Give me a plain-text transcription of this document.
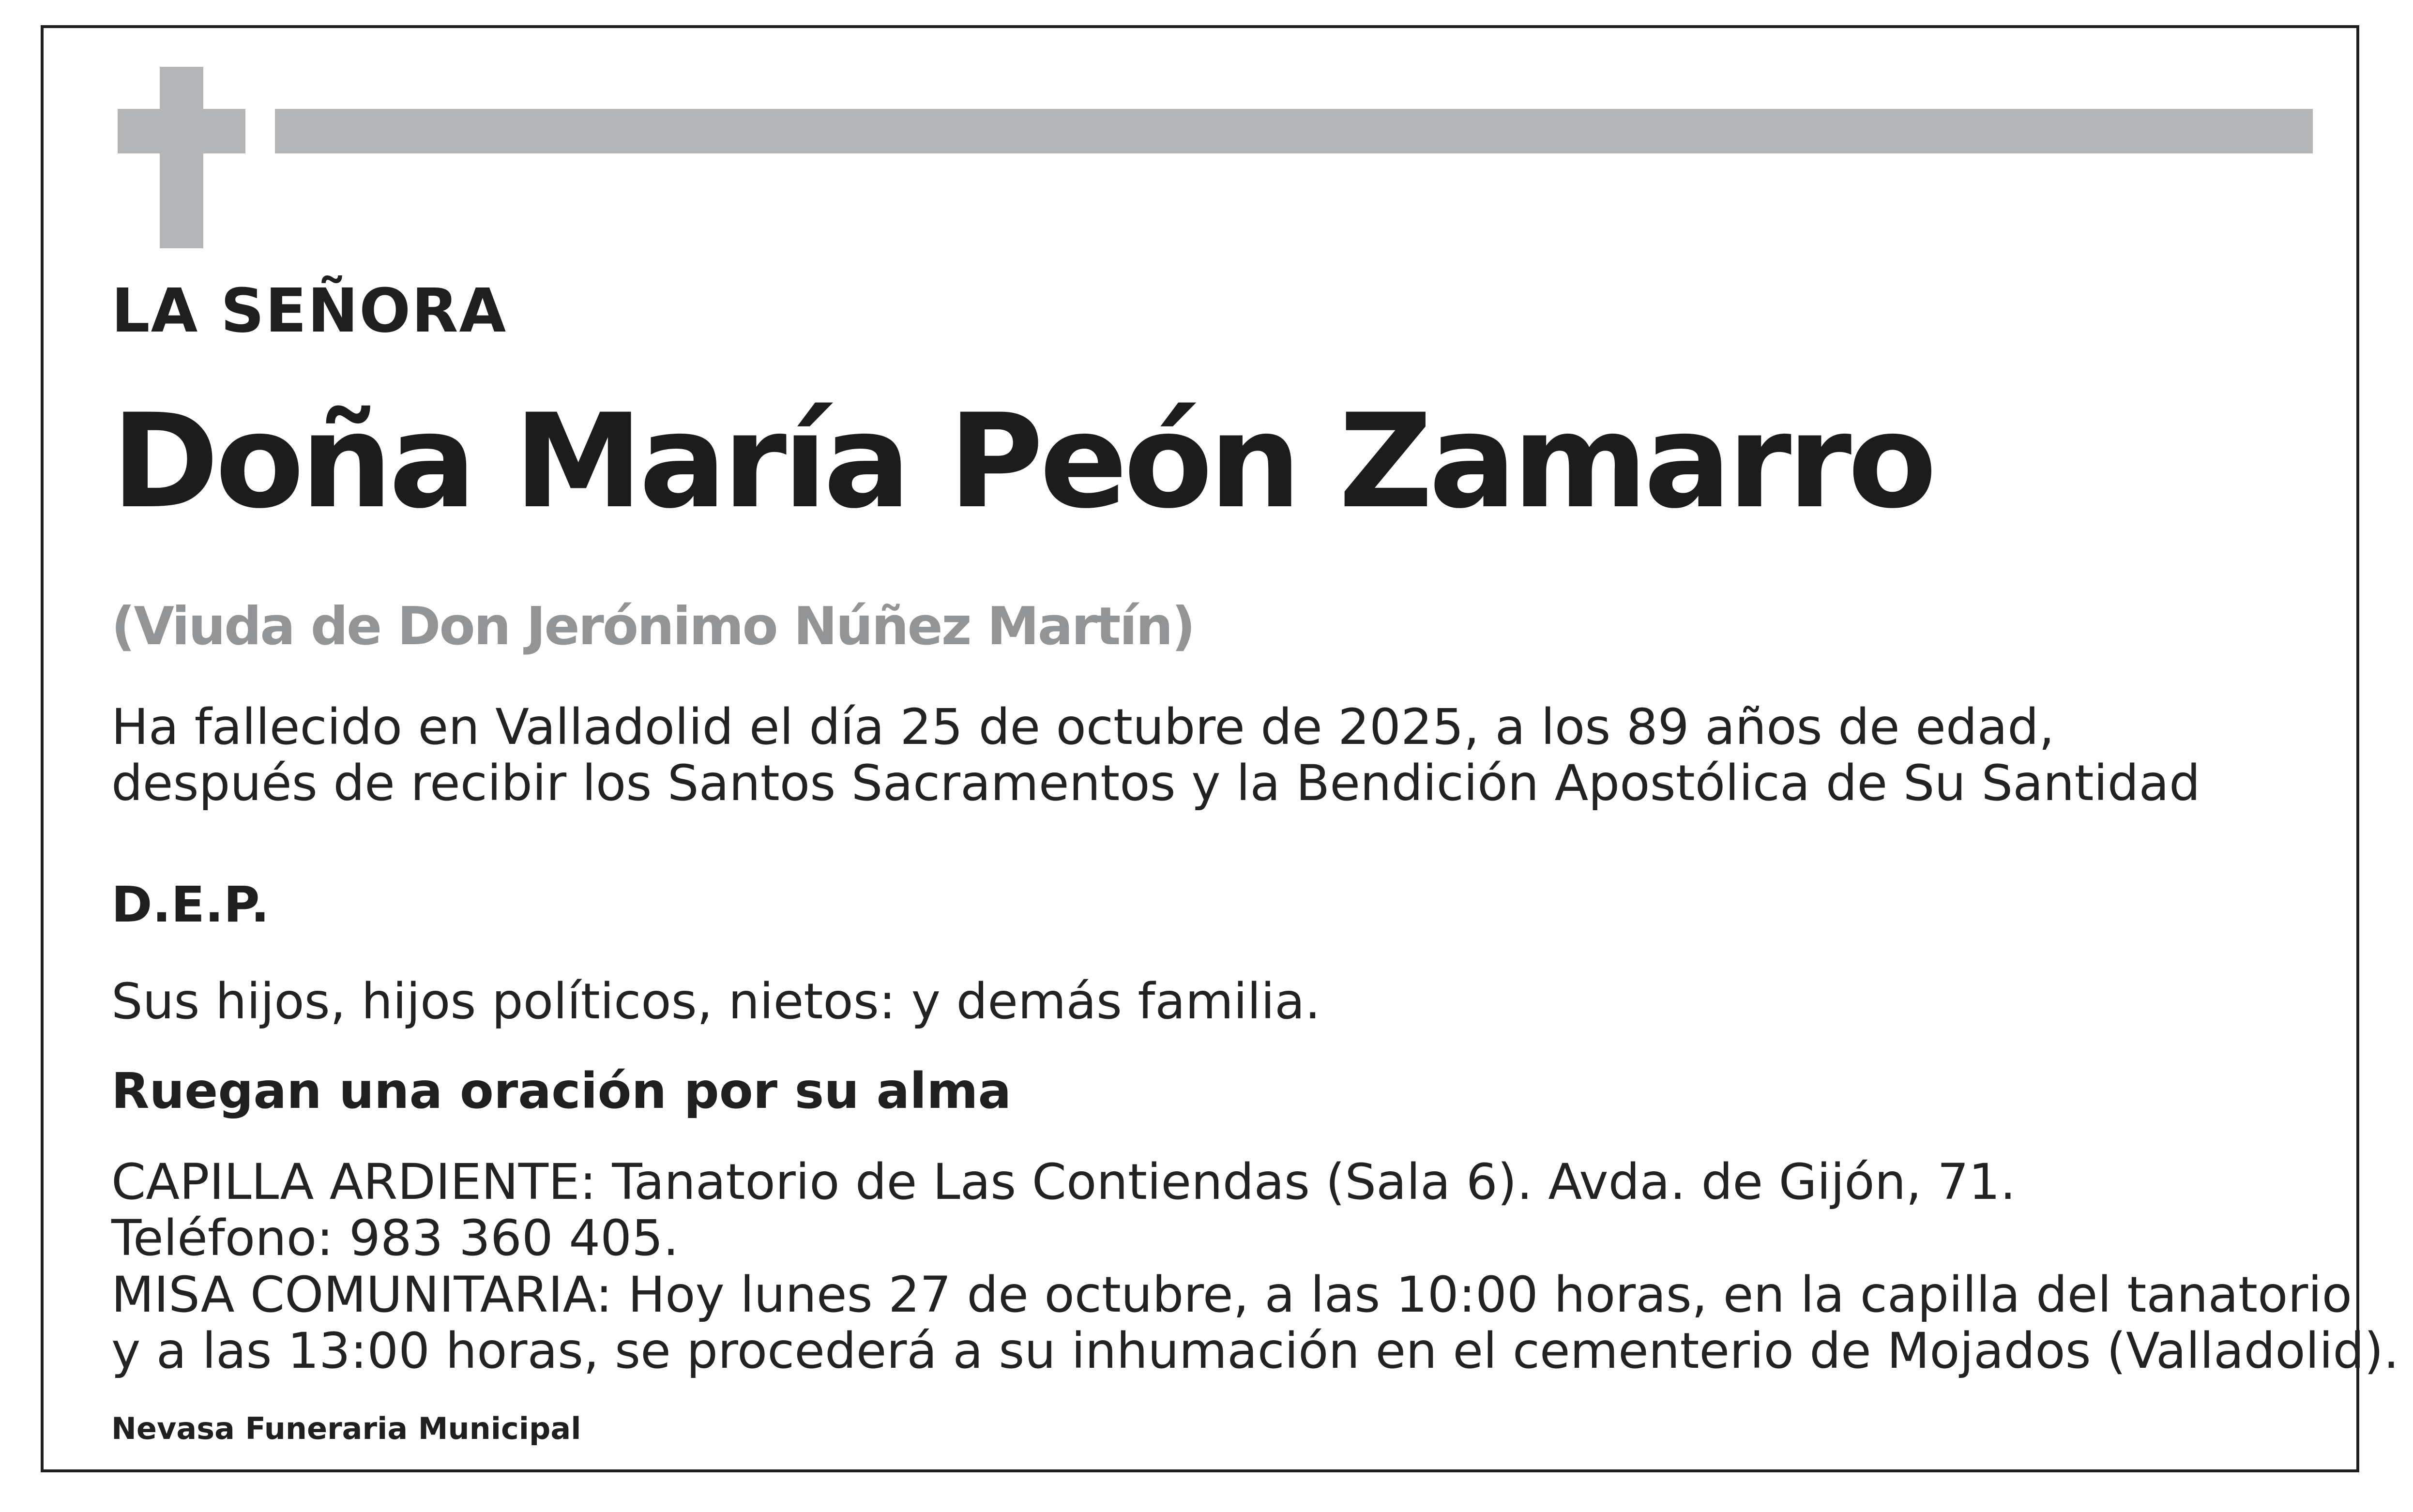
LA SEÑORA
Doña María Peón Zamarro
(Viuda de Don Jerónimo Núñez Martín)
Ha fallecido en Valladolid el día 25 de octubre de 2025, a los 89 años de edad,
después de recibir los Santos Sacramentos y la Bendición Apostólica de Su Santidad
D.E.P.
Sus hijos, hijos políticos, nietos: y demás familia.
Ruegan una oración por su alma
CAPILLA ARDIENTE: Tanatorio de Las Contiendas (Sala 6). Avda. de Gijón, 71.
Teléfono: 983 360 405.
MISA COMUNITARIA: Hoy lunes 27 de octubre, a las 10:00 horas, en la capilla del tanatorio
y a las 13:00 horas, se procederá a su inhumación en el cementerio de Mojados (Valladolid).
Nevasa Funeraria Municipal
